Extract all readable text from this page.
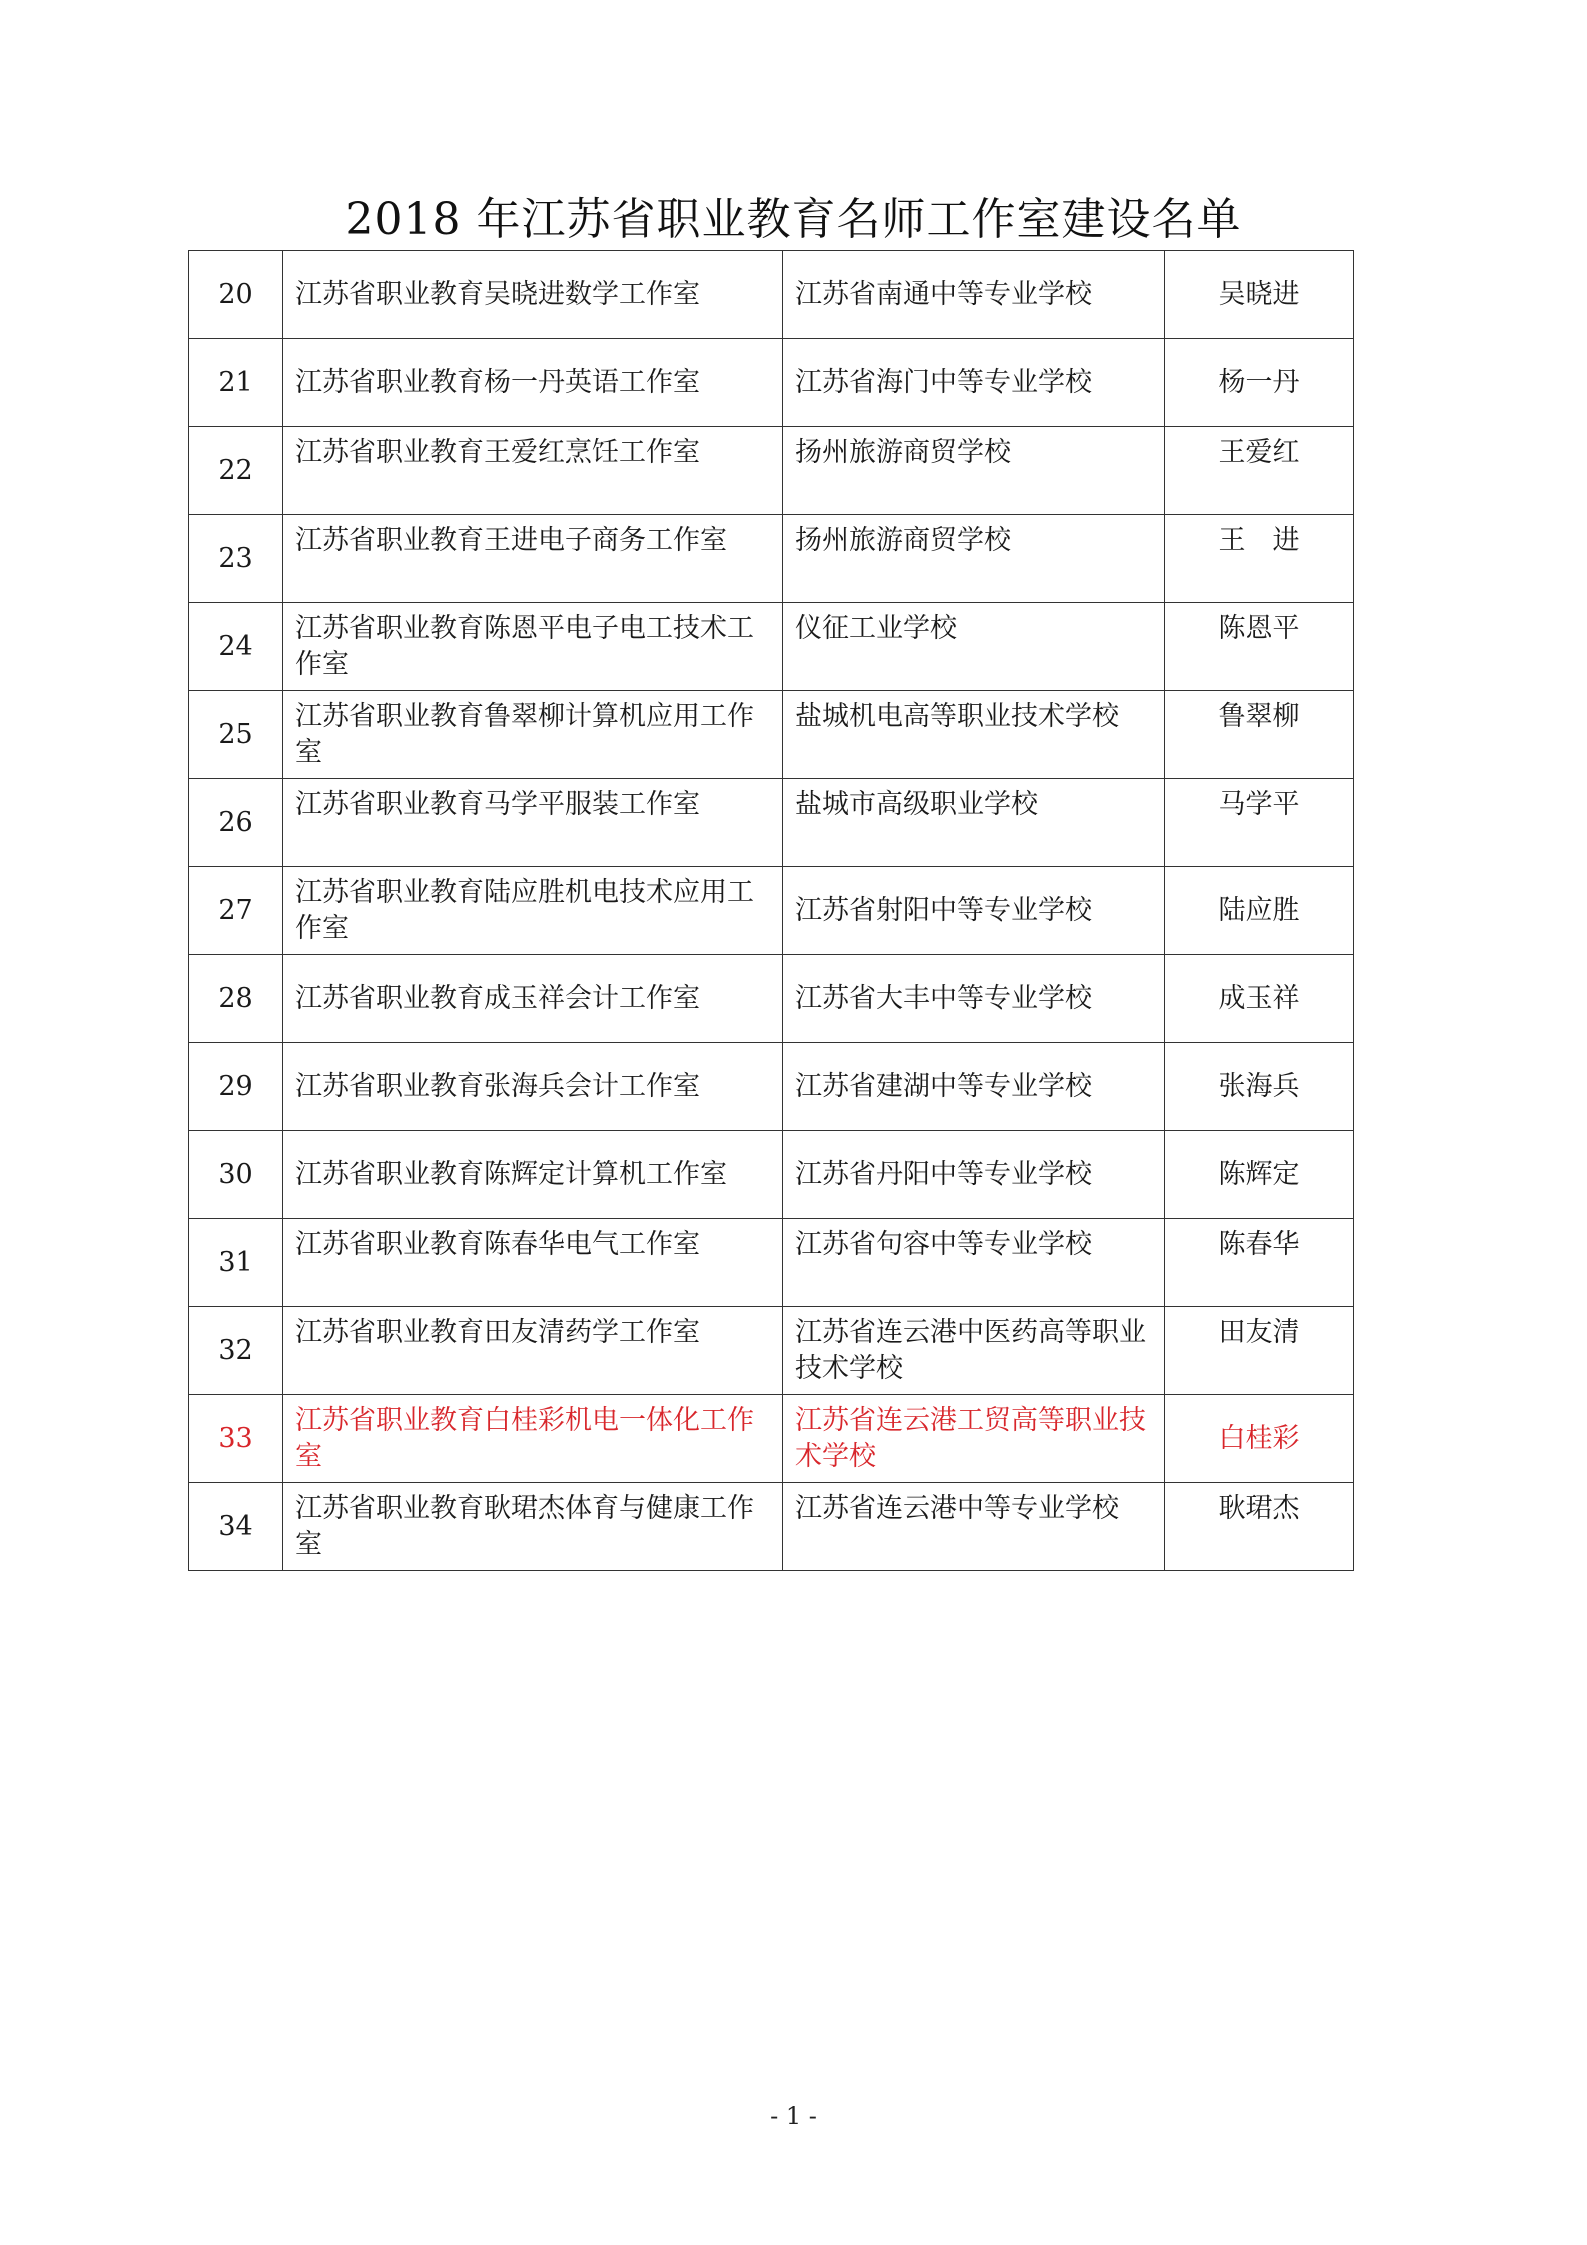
2018 年江苏省职业教育名师工作室建设名单
20	江苏省职业教育吴晓进数学工作室	江苏省南通中等专业学校	吴晓进
21	江苏省职业教育杨一丹英语工作室	江苏省海门中等专业学校	杨一丹
22	江苏省职业教育王爱红烹饪工作室	扬州旅游商贸学校	王爱红
23	江苏省职业教育王进电子商务工作室	扬州旅游商贸学校	王　进
24	江苏省职业教育陈恩平电子电工技术工作室	仪征工业学校	陈恩平
25	江苏省职业教育鲁翠柳计算机应用工作室	盐城机电高等职业技术学校	鲁翠柳
26	江苏省职业教育马学平服装工作室	盐城市高级职业学校	马学平
27	江苏省职业教育陆应胜机电技术应用工作室	江苏省射阳中等专业学校	陆应胜
28	江苏省职业教育成玉祥会计工作室	江苏省大丰中等专业学校	成玉祥
29	江苏省职业教育张海兵会计工作室	江苏省建湖中等专业学校	张海兵
30	江苏省职业教育陈辉定计算机工作室	江苏省丹阳中等专业学校	陈辉定
31	江苏省职业教育陈春华电气工作室	江苏省句容中等专业学校	陈春华
32	江苏省职业教育田友清药学工作室	江苏省连云港中医药高等职业技术学校	田友清
33	江苏省职业教育白桂彩机电一体化工作室	江苏省连云港工贸高等职业技术学校	白桂彩
34	江苏省职业教育耿珺杰体育与健康工作室	江苏省连云港中等专业学校	耿珺杰
- 1 -
